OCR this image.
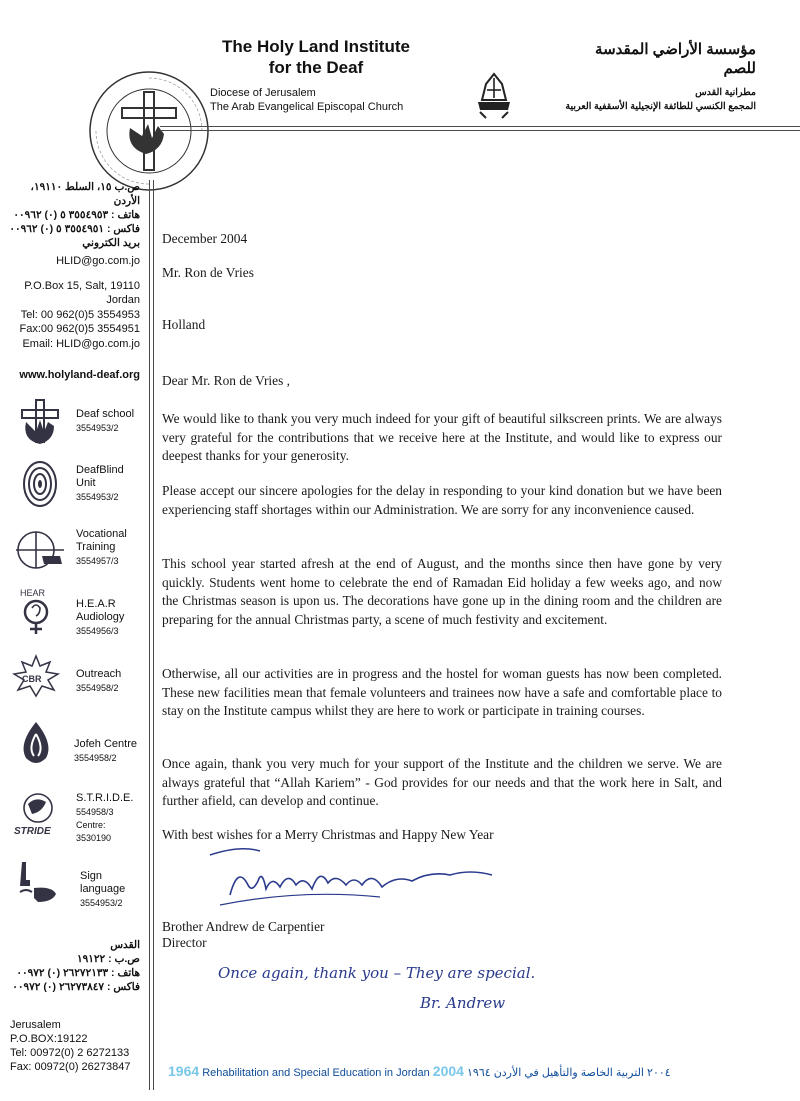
The Holy Land Institute
for the Deaf
Diocese of Jerusalem
The Arab Evangelical Episcopal Church
مؤسسة الأراضي المقدسة
للصم
مطرانية القدس
المجمع الكنسي للطائفة الإنجيلية الأسقفية العربية
ص.ب ١٥، السلط ١٩١١٠،
الأردن
هاتف : ٣٥٥٤٩٥٣ ٥ (٠) ٠٠٩٦٢
فاكس : ٣٥٥٤٩٥١ ٥ (٠) ٠٠٩٦٢
بريد الكتروني
HLID@go.com.jo
P.O.Box 15, Salt, 19110
Jordan
Tel: 00 962(0)5 3554953
Fax:00 962(0)5 3554951
Email: HLID@go.com.jo
www.holyland-deaf.org
HEAR
CBR
STRIDE
Deaf school
3554953/2
DeafBlind
Unit
3554953/2
Vocational
Training
3554957/3
H.E.A.R
Audiology
3554956/3
Outreach
3554958/2
Jofeh Centre
3554958/2
S.T.R.I.D.E.
554958/3
Centre:
3530190
Sign
language
3554953/2
القدس
ص.ب : ١٩١٢٢
هاتف : ٢٦٢٧٢١٣٣ (٠) ٠٠٩٧٢
فاكس : ٢٦٢٧٣٨٤٧ (٠) ٠٠٩٧٢
Jerusalem
P.O.BOX:19122
Tel: 00972(0) 2 6272133
Fax: 00972(0) 26273847
December 2004
Mr. Ron de Vries
Holland
Dear Mr. Ron de Vries ,
We would like to thank you very much indeed for your gift of beautiful silkscreen prints. We are always very grateful for the contributions that we receive here at the Institute, and would like to express our deepest thanks for your generosity.
Please accept our sincere apologies for the delay in responding to your kind donation but we have been experiencing staff shortages within our Administration. We are sorry for any inconvenience caused.
This school year started afresh at the end of August, and the months since then have gone by very quickly. Students went home to celebrate the end of Ramadan Eid holiday a few weeks ago, and now the Christmas season is upon us. The decorations have gone up in the dining room and the children are preparing for the annual Christmas party, a scene of much festivity and excitement.
Otherwise, all our activities are in progress and the hostel for woman guests has now been completed. These new facilities mean that female volunteers and trainees now have a safe and comfortable place to stay on the Institute campus whilst they are here to work or participate in training courses.
Once again, thank you very much for your support of the Institute and the children we serve. We are always grateful that “Allah Kariem” - God provides for our needs and that the work here in Salt, and further afield, can develop and continue.
With best wishes for a Merry Christmas and Happy New Year
Brother Andrew de Carpentier
Director
Once again, thank you – They are special.
Br. Andrew
1964 Rehabilitation and Special Education in Jordan 2004 ٢٠٠٤ التربية الخاصة والتأهيل في الأردن ١٩٦٤
